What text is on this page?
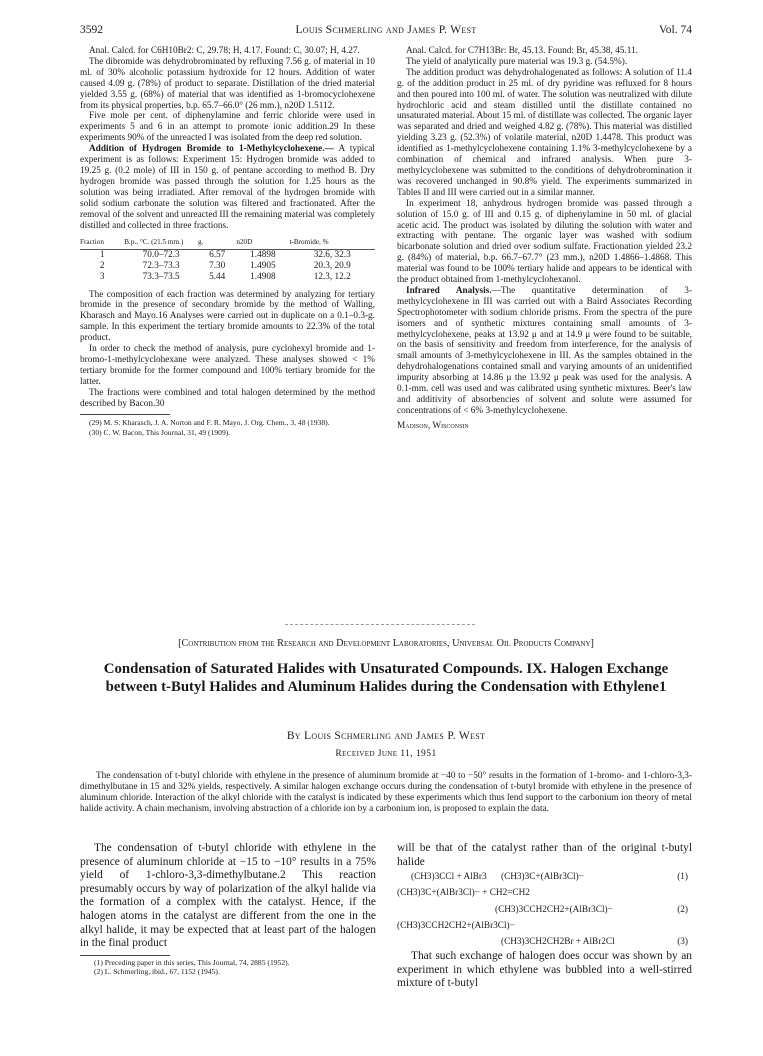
3592	Louis Schmerling and James P. West	Vol. 74

Anal. Calcd. for C6H10Br2: C, 29.78; H, 4.17. Found: C, 30.07; H, 4.27.

The dibromide was dehydrobrominated by refluxing 7.56 g. of material in 10 ml. of 30% alcoholic potassium hydroxide for 12 hours. Addition of water caused 4.09 g. (78%) of product to separate. Distillation of the dried material yielded 3.55 g. (68%) of material that was identified as 1-bromocyclohexene from its physical properties, b.p. 65.7–66.0° (26 mm.), n20D 1.5112.

Five mole per cent. of diphenylamine and ferric chloride were used in experiments 5 and 6 in an attempt to promote ionic addition.29 In these experiments 90% of the unreacted I was isolated from the deep red solution.

Addition of Hydrogen Bromide to 1-Methylcyclohexene.— A typical experiment is as follows: Experiment 15: Hydrogen bromide was added to 19.25 g. (0.2 mole) of III in 150 g. of pentane according to method B. Dry hydrogen bromide was passed through the solution for 1.25 hours as the solution was being irradiated. After removal of the hydrogen bromide with solid sodium carbonate the solution was filtered and fractionated. After the removal of the solvent and unreacted III the remaining material was completely distilled and collected in three fractions.

Fraction	B.p., °C. (21.5 mm.)	g.	n20D	t-Bromide, %
1	70.0–72.3	6.57	1.4898	32.6, 32.3
2	72.3–73.3	7.30	1.4905	20.3, 20.9
3	73.3–73.5	5.44	1.4908	12.3, 12.2

The composition of each fraction was determined by analyzing for tertiary bromide in the presence of secondary bromide by the method of Walling, Kharasch and Mayo.16 Analyses were carried out in duplicate on a 0.1–0.3-g. sample. In this experiment the tertiary bromide amounts to 22.3% of the total product.

In order to check the method of analysis, pure cyclohexyl bromide and 1-bromo-1-methylcyclohexane were analyzed. These analyses showed < 1% tertiary bromide for the former compound and 100% tertiary bromide for the latter.

The fractions were combined and total halogen determined by the method described by Bacon.30

(29) M. S. Kharasch, J. A. Norton and F. R. Mayo, J. Org. Chem., 3, 48 (1938).

(30) C. W. Bacon, This Journal, 31, 49 (1909).

Anal. Calcd. for C7H13Br: Br, 45.13. Found: Br, 45.38, 45.11.

The yield of analytically pure material was 19.3 g. (54.5%).

The addition product was dehydrohalogenated as follows: A solution of 11.4 g. of the addition product in 25 ml. of dry pyridine was refluxed for 8 hours and then poured into 100 ml. of water. The solution was neutralized with dilute hydrochloric acid and steam distilled until the distillate contained no unsaturated material. About 15 ml. of distillate was collected. The organic layer was separated and dried and weighed 4.82 g. (78%). This material was distilled yielding 3.23 g. (52.3%) of volatile material, n20D 1.4478. This product was identified as 1-methylcyclohexene containing 1.1% 3-methylcyclohexene by a combination of chemical and infrared analysis. When pure 3-methylcyclohexene was submitted to the conditions of dehydrobromination it was recovered unchanged in 90.8% yield. The experiments summarized in Tables II and III were carried out in a similar manner.

In experiment 18, anhydrous hydrogen bromide was passed through a solution of 15.0 g. of III and 0.15 g. of diphenylamine in 50 ml. of glacial acetic acid. The product was isolated by diluting the solution with water and extracting with pentane. The organic layer was washed with sodium bicarbonate solution and dried over sodium sulfate. Fractionation yielded 23.2 g. (84%) of material, b.p. 66.7–67.7° (23 mm.), n20D 1.4866–1.4868. This material was found to be 100% tertiary halide and appears to be identical with the product obtained from 1-methylcyclohexanol.

Infrared Analysis.—The quantitative determination of 3-methylcyclohexene in III was carried out with a Baird Associates Recording Spectrophotometer with sodium chloride prisms. From the spectra of the pure isomers and of synthetic mixtures containing small amounts of 3-methylcyclohexene, peaks at 13.92 μ and at 14.9 μ were found to be suitable, on the basis of sensitivity and freedom from interference, for the analysis of small amounts of 3-methylcyclohexene in III. As the samples obtained in the dehydrohalogenations contained small and varying amounts of an unidentified impurity absorbing at 14.86 μ the 13.92 μ peak was used for the analysis. A 0.1-mm. cell was used and was calibrated using synthetic mixtures. Beer's law and additivity of absorbencies of solvent and solute were assumed for concentrations of < 6% 3-methylcyclohexene.

Madison, Wisconsin

[Contribution from the Research and Development Laboratories, Universal Oil Products Company]
Condensation of Saturated Halides with Unsaturated Compounds. IX. Halogen Exchange between t-Butyl Halides and Aluminum Halides during the Condensation with Ethylene1
By Louis Schmerling and James P. West
Received June 11, 1951

The condensation of t-butyl chloride with ethylene in the presence of aluminum bromide at −40 to −50° results in the formation of 1-bromo- and 1-chloro-3,3-dimethylbutane in 15 and 32% yields, respectively. A similar halogen exchange occurs during the condensation of t-butyl bromide with ethylene in the presence of aluminum chloride. Interaction of the alkyl chloride with the catalyst is indicated by these experiments which thus lend support to the carbonium ion theory of metal halide activity. A chain mechanism, involving abstraction of a chloride ion by a carbonium ion, is proposed to explain the data.

The condensation of t-butyl chloride with ethylene in the presence of aluminum chloride at −15 to −10° results in a 75% yield of 1-chloro-3,3-dimethylbutane.2 This reaction presumably occurs by way of polarization of the alkyl halide via the formation of a complex with the catalyst. Hence, if the halogen atoms in the catalyst are different from the one in the alkyl halide, it may be expected that at least part of the halogen in the final product

(1) Preceding paper in this series, This Journal, 74, 2885 (1952).

(2) L. Schmerling, ibid., 67, 1152 (1945).

will be that of the catalyst rather than of the original t-butyl halide

(CH3)3CCl + AlBr3 (CH3)3C+(AlBr3Cl)−	(1)
(CH3)3C+(AlBr3Cl)− + CH2=CH2
(CH3)3CCH2CH2+(AlBr3Cl)−	(2)
(CH3)3CCH2CH2+(AlBr3Cl)−
(CH3)3CH2CH2Br + AlBr2Cl	(3)

That such exchange of halogen does occur was shown by an experiment in which ethylene was bubbled into a well-stirred mixture of t-butyl
